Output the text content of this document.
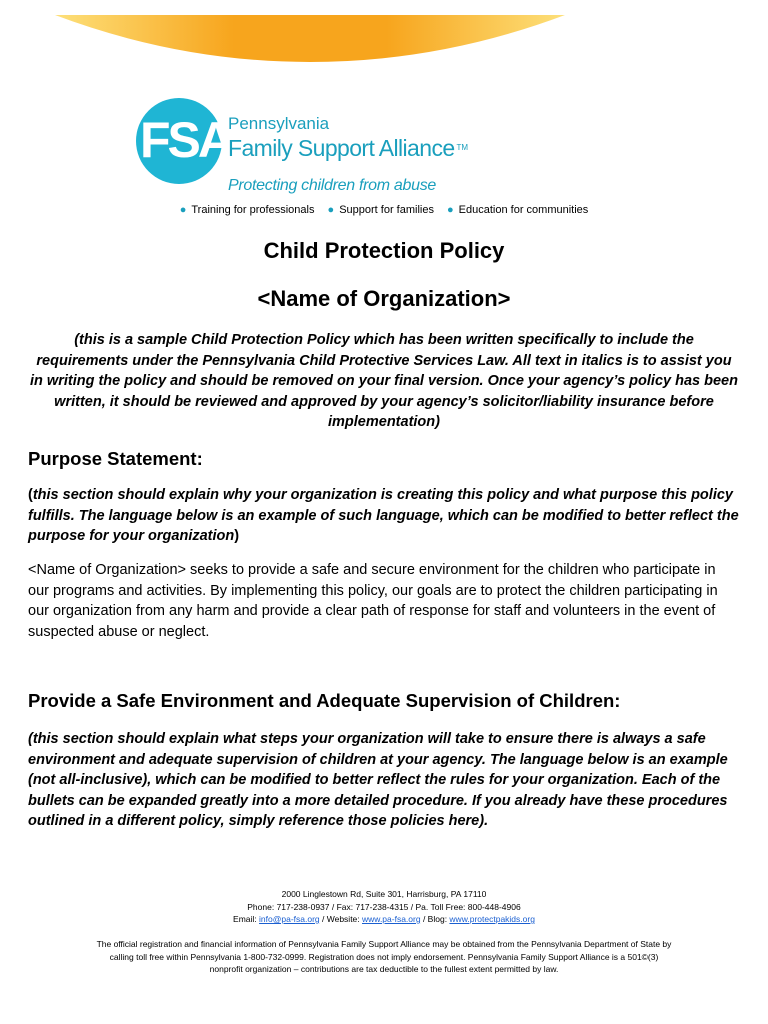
FSA
Pennsylvania
Family Support Alliance ™
Protecting children from abuse
● Training for professionals ● Support for families ● Education for communities
Child Protection Policy
<Name of Organization>

(this is a sample Child Protection Policy which has been written specifically to include the requirements under the Pennsylvania Child Protective Services Law. All text in italics is to assist you in writing the policy and should be removed on your final version. Once your agency’s policy has been written, it should be reviewed and approved by your agency’s solicitor/liability insurance before implementation)

Purpose Statement:

(this section should explain why your organization is creating this policy and what purpose this policy fulfills. The language below is an example of such language, which can be modified to better reflect the purpose for your organization)

<Name of Organization> seeks to provide a safe and secure environment for the children who participate in our programs and activities. By implementing this policy, our goals are to protect the children participating in our organization from any harm and provide a clear path of response for staff and volunteers in the event of suspected abuse or neglect.

Provide a Safe Environment and Adequate Supervision of Children:

(this section should explain what steps your organization will take to ensure there is always a safe environment and adequate supervision of children at your agency. The language below is an example (not all-inclusive), which can be modified to better reflect the rules for your organization. Each of the bullets can be expanded greatly into a more detailed procedure. If you already have these procedures outlined in a different policy, simply reference those policies here).

2000 Linglestown Rd, Suite 301, Harrisburg, PA 17110
Phone: 717-238-0937 / Fax: 717-238-4315 / Pa. Toll Free: 800-448-4906
Email: info@pa-fsa.org / Website: www.pa-fsa.org / Blog: www.protectpakids.org
The official registration and financial information of Pennsylvania Family Support Alliance may be obtained from the Pennsylvania Department of State by
calling toll free within Pennsylvania 1-800-732-0999. Registration does not imply endorsement. Pennsylvania Family Support Alliance is a 501©(3)
nonprofit organization – contributions are tax deductible to the fullest extent permitted by law.
